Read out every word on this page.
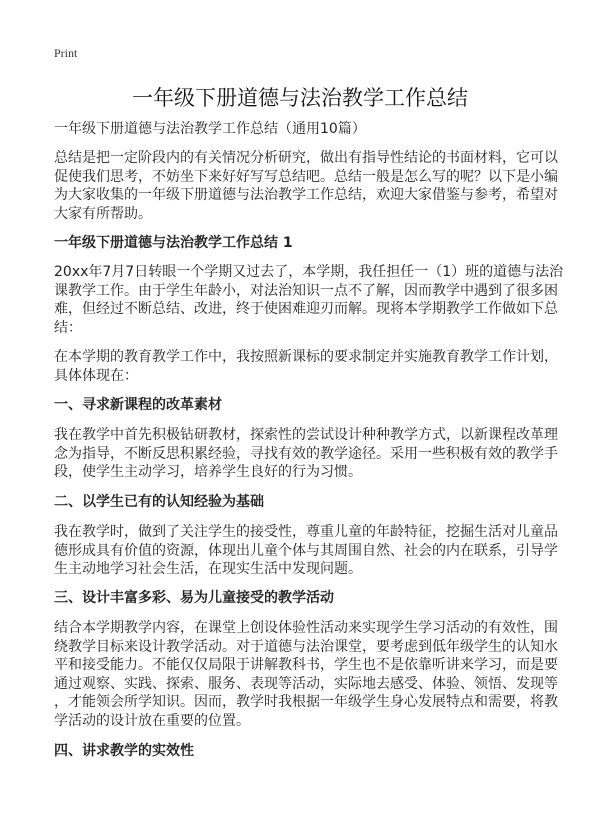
Print
一年级下册道德与法治教学工作总结
一年级下册道德与法治教学工作总结（通用10篇）
总结是把一定阶段内的有关情况分析研究，做出有指导性结论的书面材料，它可以
促使我们思考，不妨坐下来好好写写总结吧。总结一般是怎么写的呢？以下是小编
为大家收集的一年级下册道德与法治教学工作总结，欢迎大家借鉴与参考，希望对
大家有所帮助。
一年级下册道德与法治教学工作总结 1
20xx年7月7日转眼一个学期又过去了，本学期，我任担任一（1）班的道德与法治
课教学工作。由于学生年龄小，对法治知识一点不了解，因而教学中遇到了很多困
难，但经过不断总结、改进，终于使困难迎刃而解。现将本学期教学工作做如下总
结：
在本学期的教育教学工作中，我按照新课标的要求制定并实施教育教学工作计划，
具体体现在：
一、寻求新课程的改革素材
我在教学中首先积极钻研教材，探索性的尝试设计种种教学方式，以新课程改革理
念为指导，不断反思积累经验，寻找有效的教学途径。采用一些积极有效的教学手
段，使学生主动学习，培养学生良好的行为习惯。
二、以学生已有的认知经验为基础
我在教学时，做到了关注学生的接受性，尊重儿童的年龄特征，挖掘生活对儿童品
德形成具有价值的资源，体现出儿童个体与其周围自然、社会的内在联系，引导学
生主动地学习社会生活，在现实生活中发现问题。
三、设计丰富多彩、易为儿童接受的教学活动
结合本学期教学内容，在课堂上创设体验性活动来实现学生学习活动的有效性，围
绕教学目标来设计教学活动。对于道德与法治课堂，要考虑到低年级学生的认知水
平和接受能力。不能仅仅局限于讲解教科书，学生也不是依靠听讲来学习，而是要
通过观察、实践、探索、服务、表现等活动，实际地去感受、体验、领悟、发现等
，才能领会所学知识。因而，教学时我根据一年级学生身心发展特点和需要，将教
学活动的设计放在重要的位置。
四、讲求教学的实效性
